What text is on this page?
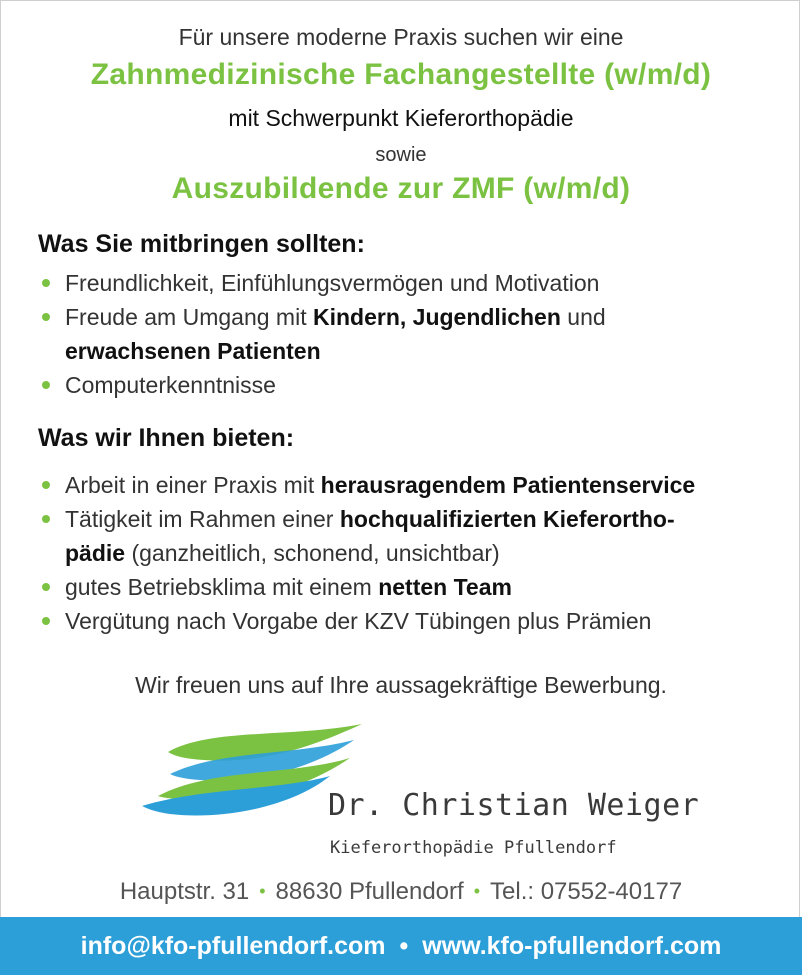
Für unsere moderne Praxis suchen wir eine
Zahnmedizinische Fachangestellte (w/m/d)
mit Schwerpunkt Kieferorthopädie
sowie
Auszubildende zur ZMF (w/m/d)
Was Sie mitbringen sollten:
Freundlichkeit, Einfühlungsvermögen und Motivation
Freude am Umgang mit Kindern, Jugendlichen und
erwachsenen Patienten
Computerkenntnisse
Was wir Ihnen bieten:
Arbeit in einer Praxis mit herausragendem Patientenservice
Tätigkeit im Rahmen einer hochqualifizierten Kieferortho-
pädie (ganzheitlich, schonend, unsichtbar)
gutes Betriebsklima mit einem netten Team
Vergütung nach Vorgabe der KZV Tübingen plus Prämien
Wir freuen uns auf Ihre aussagekräftige Bewerbung.
Dr. Christian Weiger
Kieferorthopädie Pfullendorf
Hauptstr. 31 • 88630 Pfullendorf • Tel.: 07552-40177
info@kfo-pfullendorf.com • www.kfo-pfullendorf.com
